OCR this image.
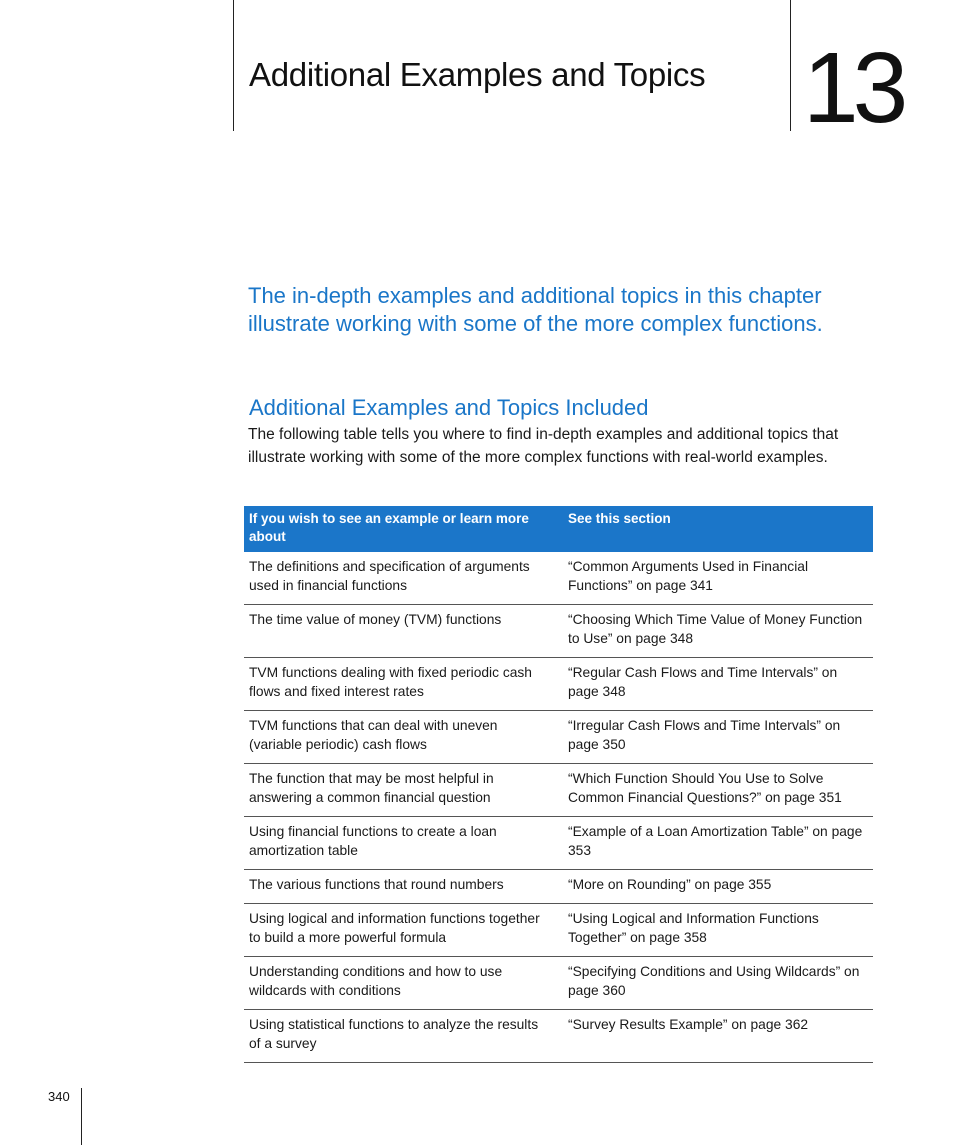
Additional Examples and Topics 13

The in-depth examples and additional topics in this chapter illustrate working with some of the more complex functions.

Additional Examples and Topics Included

The following table tells you where to find in-depth examples and additional topics that illustrate working with some of the more complex functions with real-world examples.

If you wish to see an example or learn more about	See this section
The definitions and specification of arguments used in financial functions	“Common Arguments Used in Financial Functions” on page 341
The time value of money (TVM) functions	“Choosing Which Time Value of Money Function to Use” on page 348
TVM functions dealing with fixed periodic cash flows and fixed interest rates	“Regular Cash Flows and Time Intervals” on page 348
TVM functions that can deal with uneven (variable periodic) cash flows	“Irregular Cash Flows and Time Intervals” on page 350
The function that may be most helpful in answering a common financial question	“Which Function Should You Use to Solve Common Financial Questions?” on page 351
Using financial functions to create a loan amortization table	“Example of a Loan Amortization Table” on page 353
The various functions that round numbers	“More on Rounding” on page 355
Using logical and information functions together to build a more powerful formula	“Using Logical and Information Functions Together” on page 358
Understanding conditions and how to use wildcards with conditions	“Specifying Conditions and Using Wildcards” on page 360
Using statistical functions to analyze the results of a survey	“Survey Results Example” on page 362
340
